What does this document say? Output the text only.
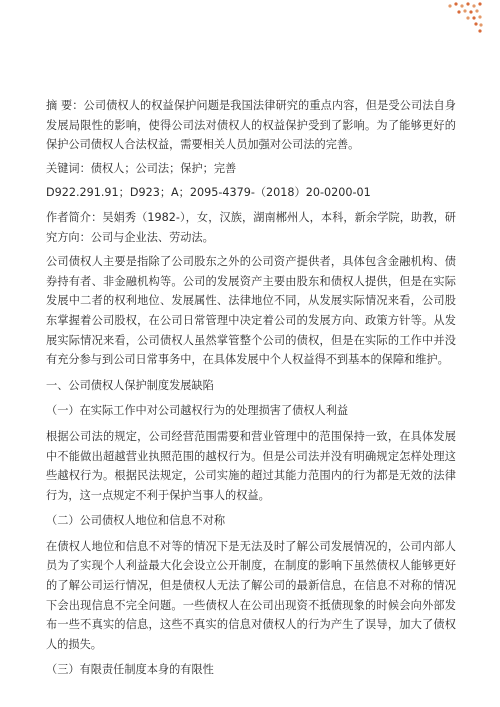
摘 要：公司债权人的权益保护问题是我国法律研究的重点内容，但是受公司法自身发展局限性的影响，使得公司法对债权人的权益保护受到了影响。为了能够更好的保护公司债权人合法权益，需要相关人员加强对公司法的完善。

关键词：债权人；公司法；保护；完善

D922.291.91；D923；A；2095-4379-（2018）20-0200-01

作者简介：吴娟秀（1982-），女，汉族，湖南郴州人，本科，新余学院，助教，研究方向：公司与企业法、劳动法。

公司债权人主要是指除了公司股东之外的公司资产提供者，具体包含金融机构、债券持有者、非金融机构等。公司的发展资产主要由股东和债权人提供，但是在实际发展中二者的权利地位、发展属性、法律地位不同，从发展实际情况来看，公司股东掌握着公司股权，在公司日常管理中决定着公司的发展方向、政策方针等。从发展实际情况来看，公司债权人虽然掌管整个公司的债权，但是在实际的工作中并没有充分参与到公司日常事务中，在具体发展中个人权益得不到基本的保障和维护。

一、公司债权人保护制度发展缺陷

（一）在实际工作中对公司越权行为的处理损害了债权人利益

根据公司法的规定，公司经营范围需要和营业管理中的范围保持一致，在具体发展中不能做出超越营业执照范围的越权行为。但是公司法并没有明确规定怎样处理这些越权行为。根据民法规定，公司实施的超过其能力范围内的行为都是无效的法律行为，这一点规定不利于保护当事人的权益。

（二）公司债权人地位和信息不对称

在债权人地位和信息不对等的情况下是无法及时了解公司发展情况的，公司内部人员为了实现个人利益最大化会设立公开制度，在制度的影响下虽然债权人能够更好的了解公司运行情况，但是债权人无法了解公司的最新信息，在信息不对称的情况下会出现信息不完全问题。一些债权人在公司出现资不抵债现象的时候会向外部发布一些不真实的信息，这些不真实的信息对债权人的行为产生了误导，加大了债权人的损失。

（三）有限责任制度本身的有限性
